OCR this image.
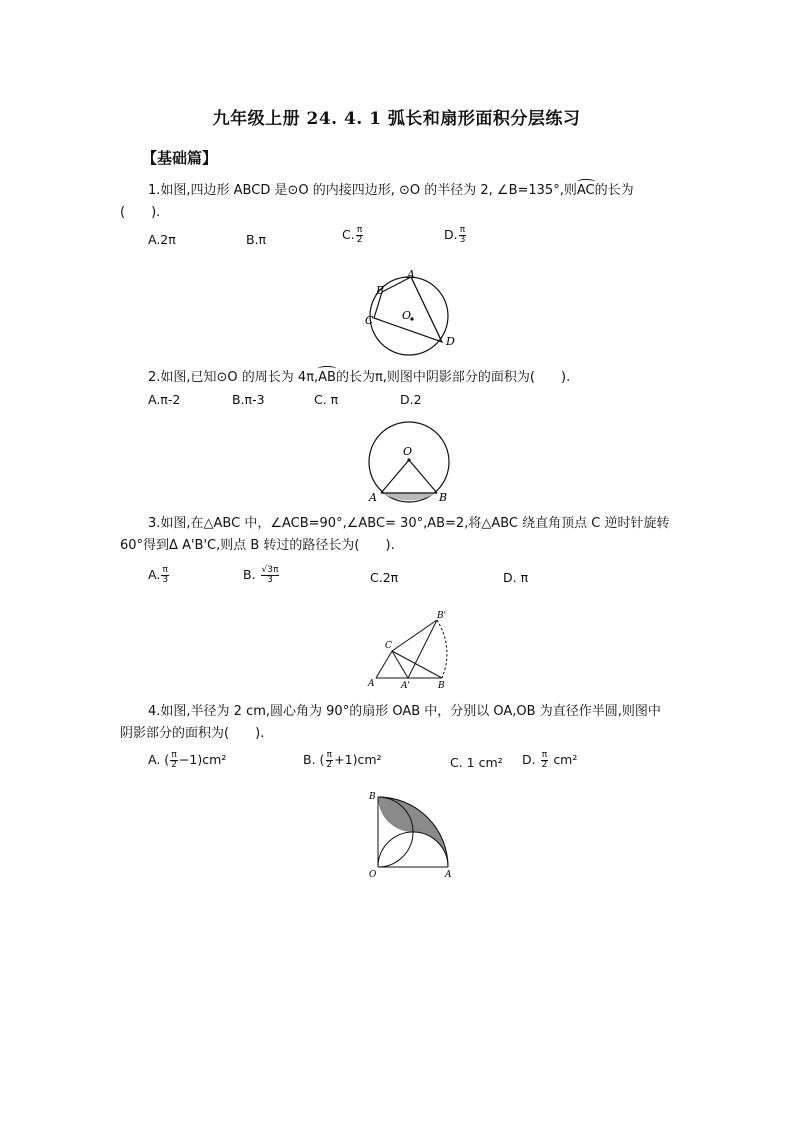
九年级上册 24. 4. 1 弧长和扇形面积分层练习
【基础篇】
1.如图,四边形 ABCD 是⊙O 的内接四边形, ⊙O 的半径为 2, ∠B=135°,则AC的长为
(　　).
A.2π	B.π	C. $\frac{\pi}{2}$	D. $\frac{\pi}{3}$
A
B
C
D
O
2.如图,已知⊙O 的周长为 4π,AB的长为π,则图中阴影部分的面积为(　　).
A.π-2	B.π-3	C. π	D.2
O
A	B
3.如图,在△ABC 中，∠ACB=90°,∠ABC= 30°,AB=2,将△ABC 绕直角顶点 C 逆时针旋转
60°得到Δ A'B'C,则点 B 转过的路径长为(　　).
A. $\frac{\pi}{3}$	B. $\frac{√3\pi}{3}$	C.2π	D. π
C
A	A'	B
B'
4.如图,半径为 2 cm,圆心角为 90°的扇形 OAB 中，分别以 OA,OB 为直径作半圆,则图中
阴影部分的面积为(　　).
A. ( $\frac{\pi}{2} -1)cm^2$	B. ( $\frac{\pi}{2} +1)cm^2$	C. 1 cm² D. $\frac{\pi}{2} cm^2$
B
O	A
